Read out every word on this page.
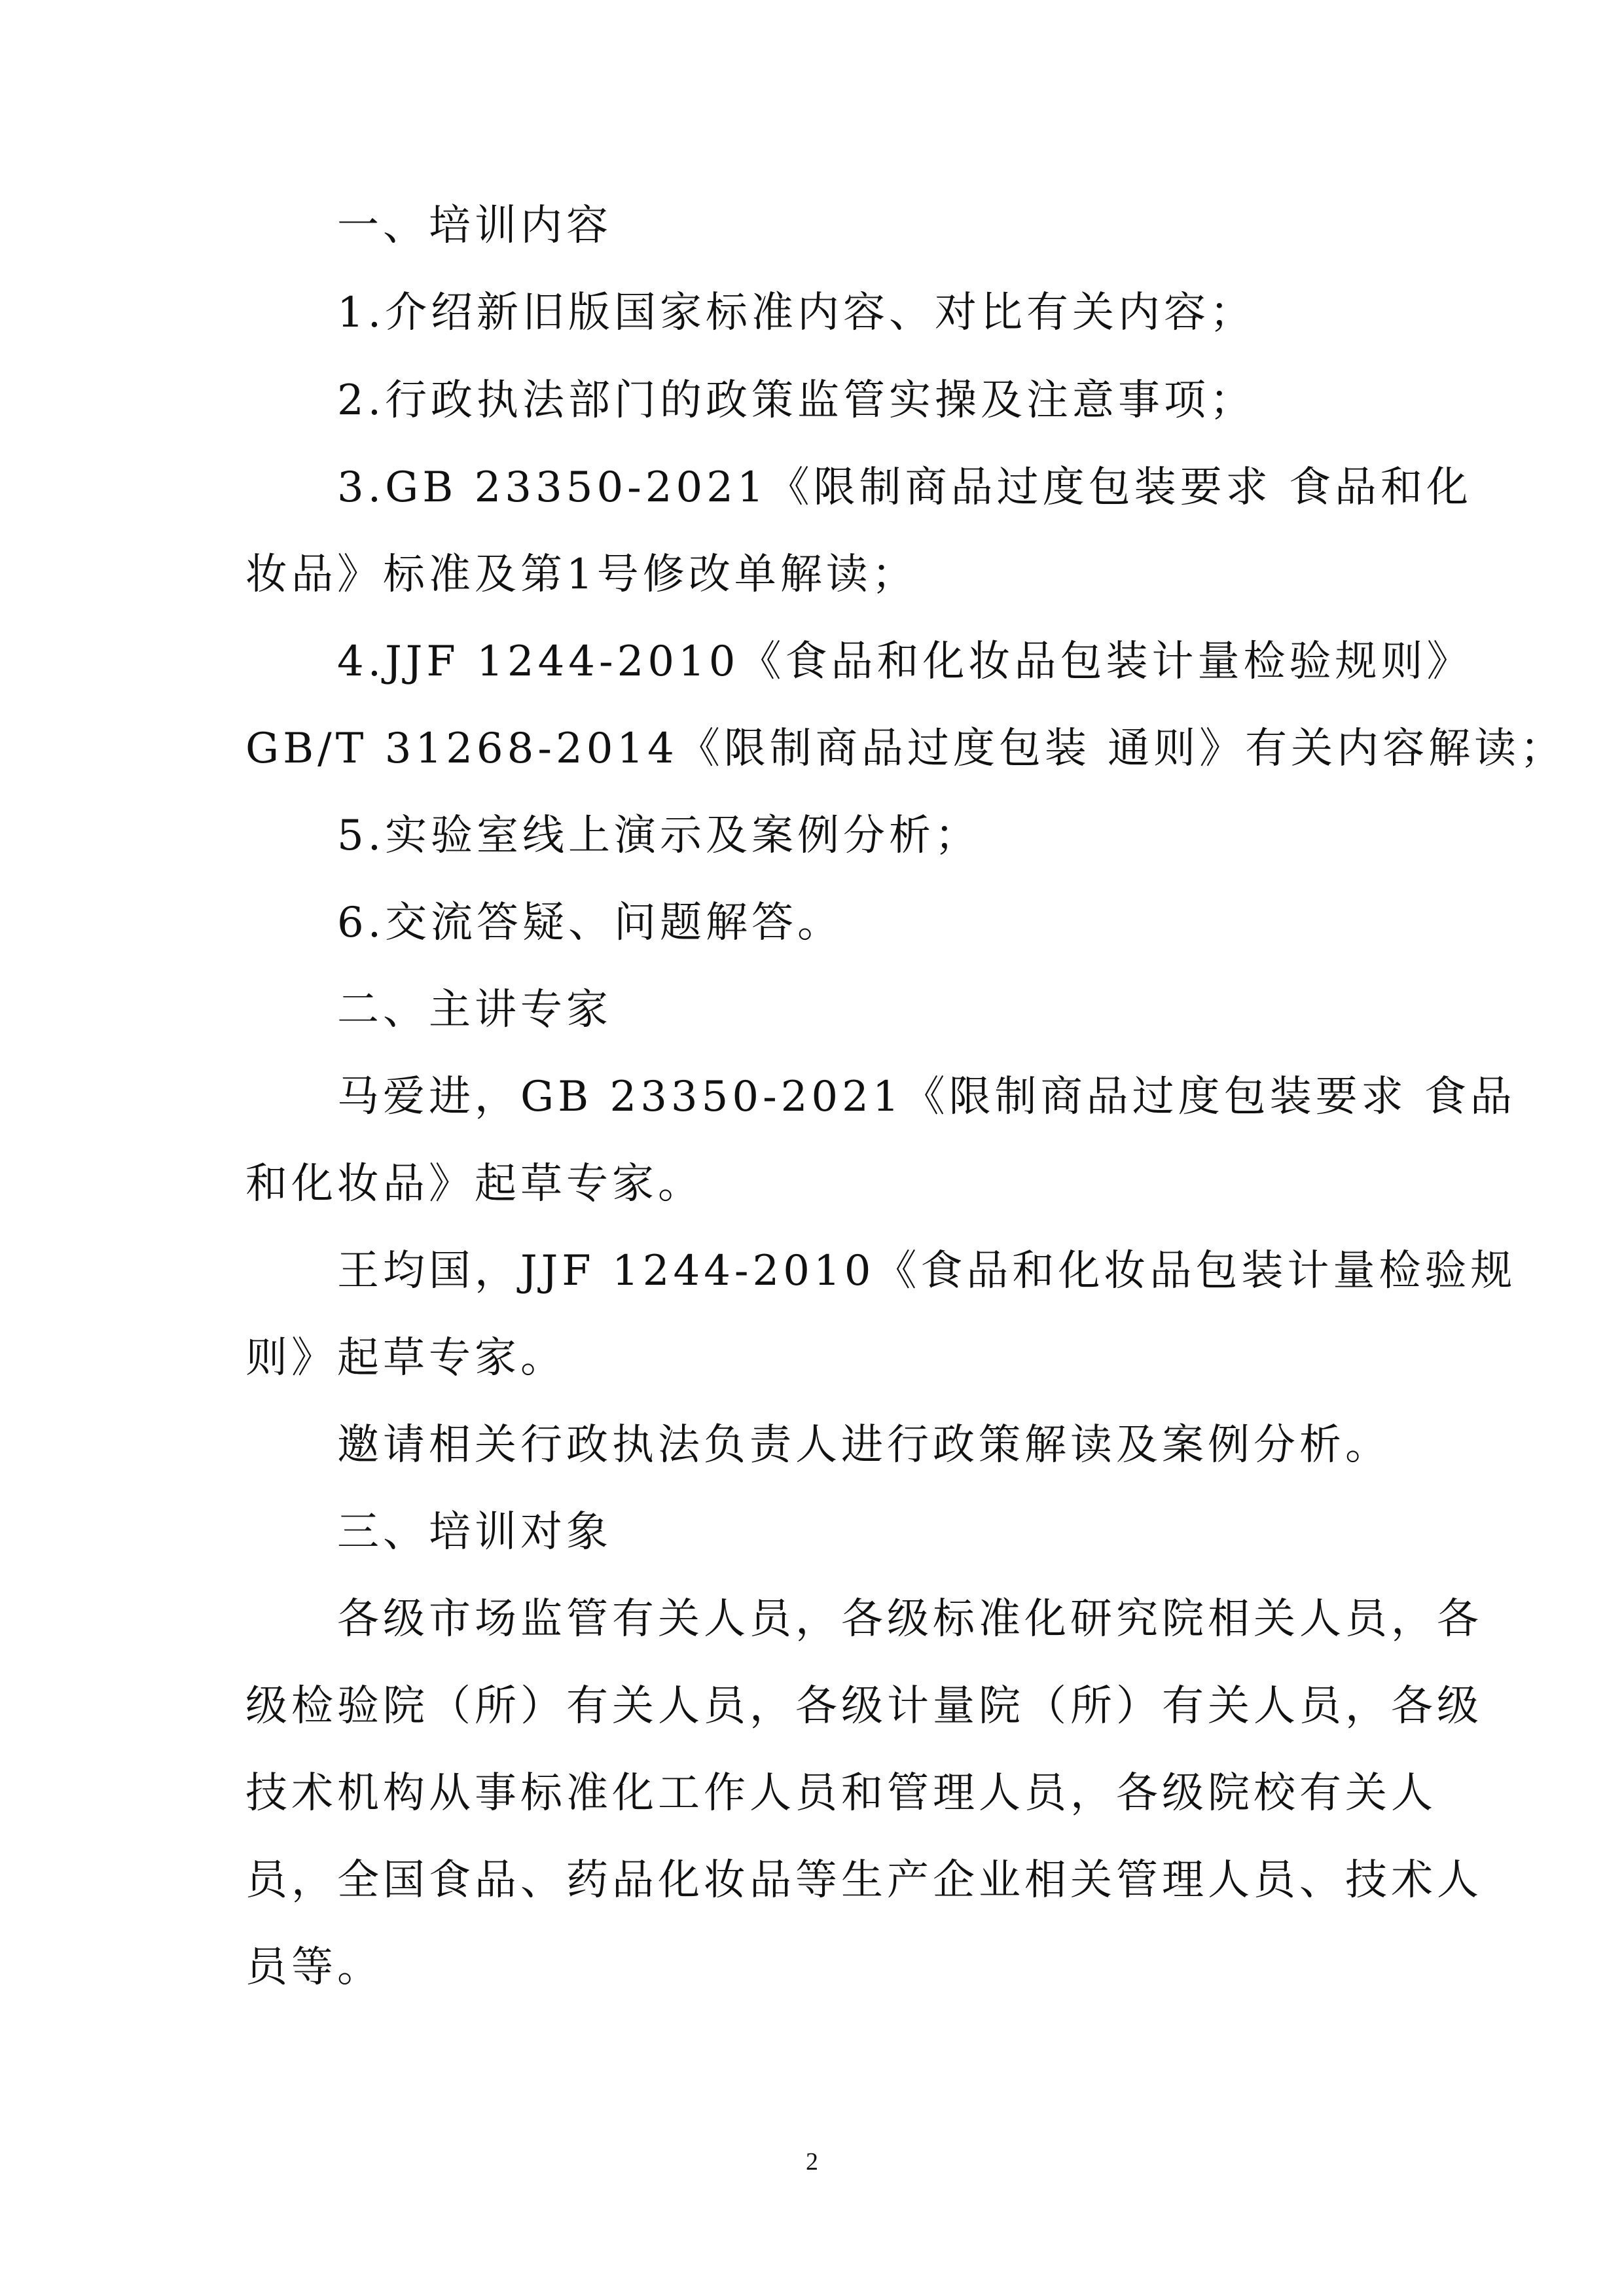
一、培训内容
1.介绍新旧版国家标准内容、对比有关内容；
2.行政执法部门的政策监管实操及注意事项；
3.GB 23350-2021《限制商品过度包装要求 食品和化
妆品》标准及第1号修改单解读；
4.JJF 1244-2010《食品和化妆品包装计量检验规则》
GB/T 31268-2014《限制商品过度包装 通则》有关内容解读；
5.实验室线上演示及案例分析；
6.交流答疑、问题解答。
二、主讲专家
马爱进，GB 23350-2021《限制商品过度包装要求 食品
和化妆品》起草专家。
王均国，JJF 1244-2010《食品和化妆品包装计量检验规
则》起草专家。
邀请相关行政执法负责人进行政策解读及案例分析。
三、培训对象
各级市场监管有关人员，各级标准化研究院相关人员，各
级检验院（所）有关人员，各级计量院（所）有关人员，各级
技术机构从事标准化工作人员和管理人员，各级院校有关人
员，全国食品、药品化妆品等生产企业相关管理人员、技术人
员等。
2
